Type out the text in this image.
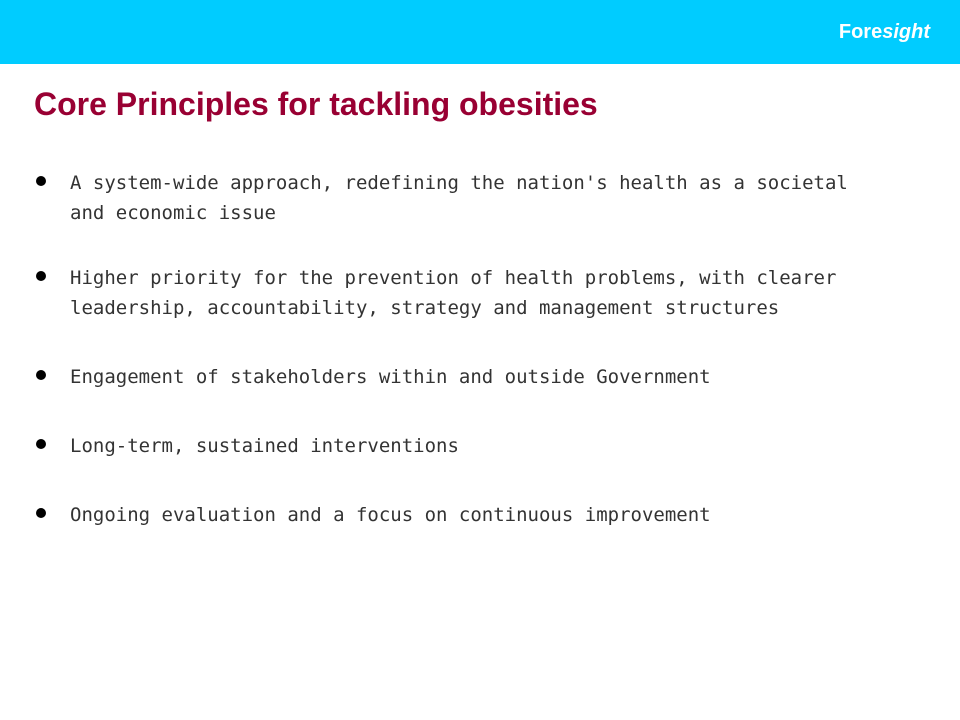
Foresight
Core Principles for tackling obesities
A system-wide approach, redefining the nation's health as a societal and economic issue
Higher priority for the prevention of health problems, with clearer leadership, accountability, strategy and management structures
Engagement of stakeholders within and outside Government
Long-term, sustained interventions
Ongoing evaluation and a focus on continuous improvement
